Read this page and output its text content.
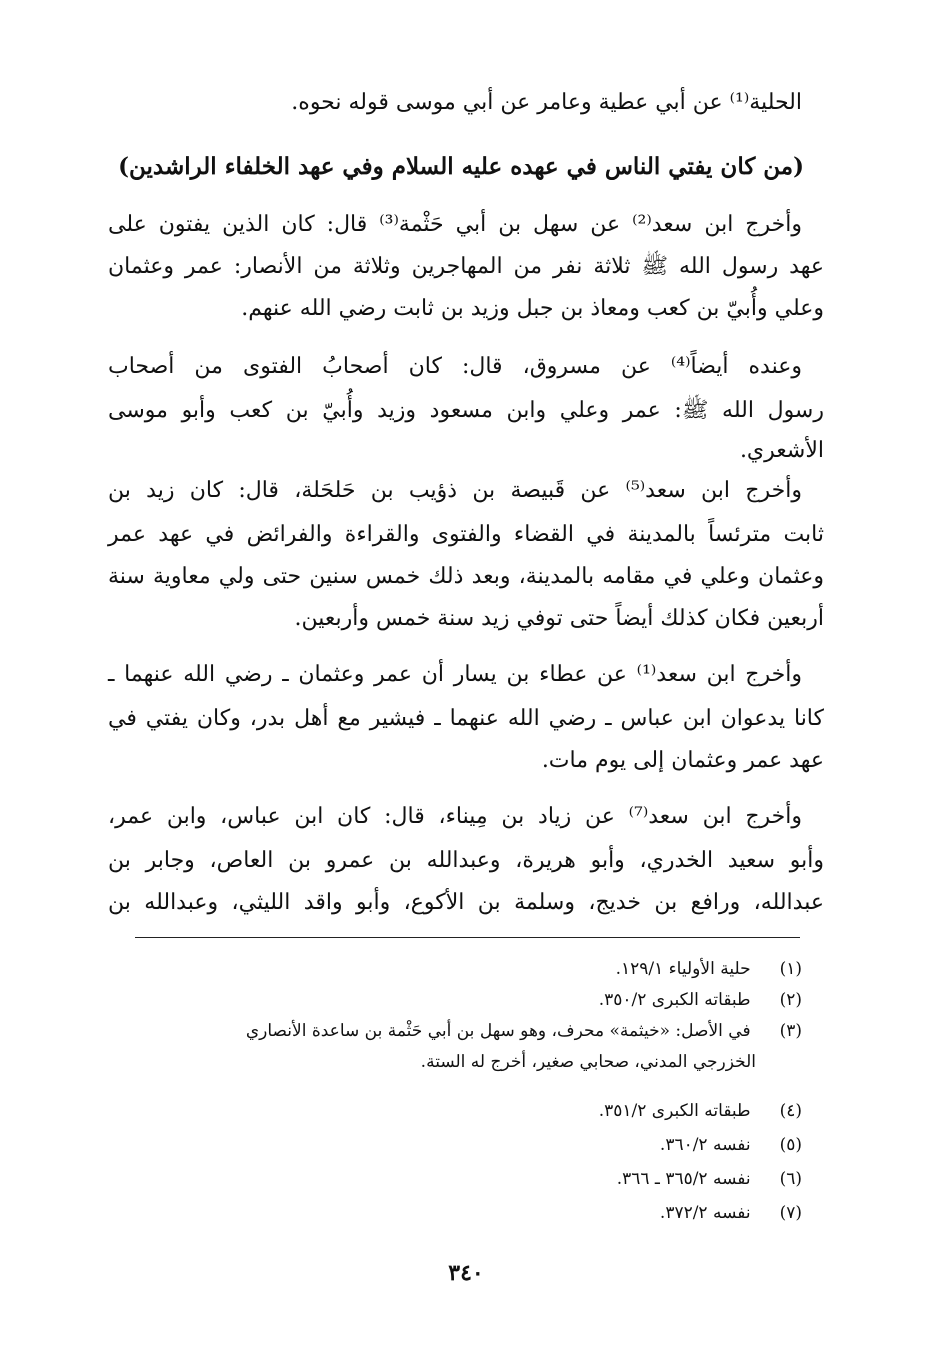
الحلية⁽¹⁾ عن أبي عطية وعامر عن أبي موسى قوله نحوه.
(من كان يفتي الناس في عهده عليه السلام وفي عهد الخلفاء الراشدين)
وأخرج ابن سعد⁽²⁾ عن سهل بن أبي حَثْمة⁽³⁾ قال: كان الذين يفتون على
عهد رسول الله ﷺ ثلاثة نفر من المهاجرين وثلاثة من الأنصار: عمر وعثمان
وعلي وأُبيّ بن كعب ومعاذ بن جبل وزيد بن ثابت رضي الله عنهم.
وعنده أيضاً⁽⁴⁾ عن مسروق، قال: كان أصحابُ الفتوى من أصحاب
رسول الله ﷺ: عمر وعلي وابن مسعود وزيد وأُبيّ بن كعب وأبو موسى
الأشعري.
وأخرج ابن سعد⁽⁵⁾ عن قَبيصة بن ذؤيب بن حَلحَلة، قال: كان زيد بن
ثابت مترئساً بالمدينة في القضاء والفتوى والقراءة والفرائض في عهد عمر
وعثمان وعلي في مقامه بالمدينة، وبعد ذلك خمس سنين حتى ولي معاوية سنة
أربعين فكان كذلك أيضاً حتى توفي زيد سنة خمس وأربعين.
وأخرج ابن سعد⁽¹⁾ عن عطاء بن يسار أن عمر وعثمان ـ رضي الله عنهما ـ
كانا يدعوان ابن عباس ـ رضي الله عنهما ـ فيشير مع أهل بدر، وكان يفتي في
عهد عمر وعثمان إلى يوم مات.
وأخرج ابن سعد⁽⁷⁾ عن زياد بن مِيناء، قال: كان ابن عباس، وابن عمر،
وأبو سعيد الخدري، وأبو هريرة، وعبدالله بن عمرو بن العاص، وجابر بن
عبدالله، ورافع بن خديج، وسلمة بن الأكوع، وأبو واقد الليثي، وعبدالله بن
(١) حلية الأولياء ١٢٩/١.
(٢) طبقاته الكبرى ٣٥٠/٢.
(٣) في الأصل: «خيثمة» محرف، وهو سهل بن أبي حَثْمة بن ساعدة الأنصاري
الخزرجي المدني، صحابي صغير، أخرج له الستة.
(٤) طبقاته الكبرى ٣٥١/٢.
(٥) نفسه ٣٦٠/٢.
(٦) نفسه ٣٦٥/٢ ـ ٣٦٦.
(٧) نفسه ٣٧٢/٢.
٣٤٠
